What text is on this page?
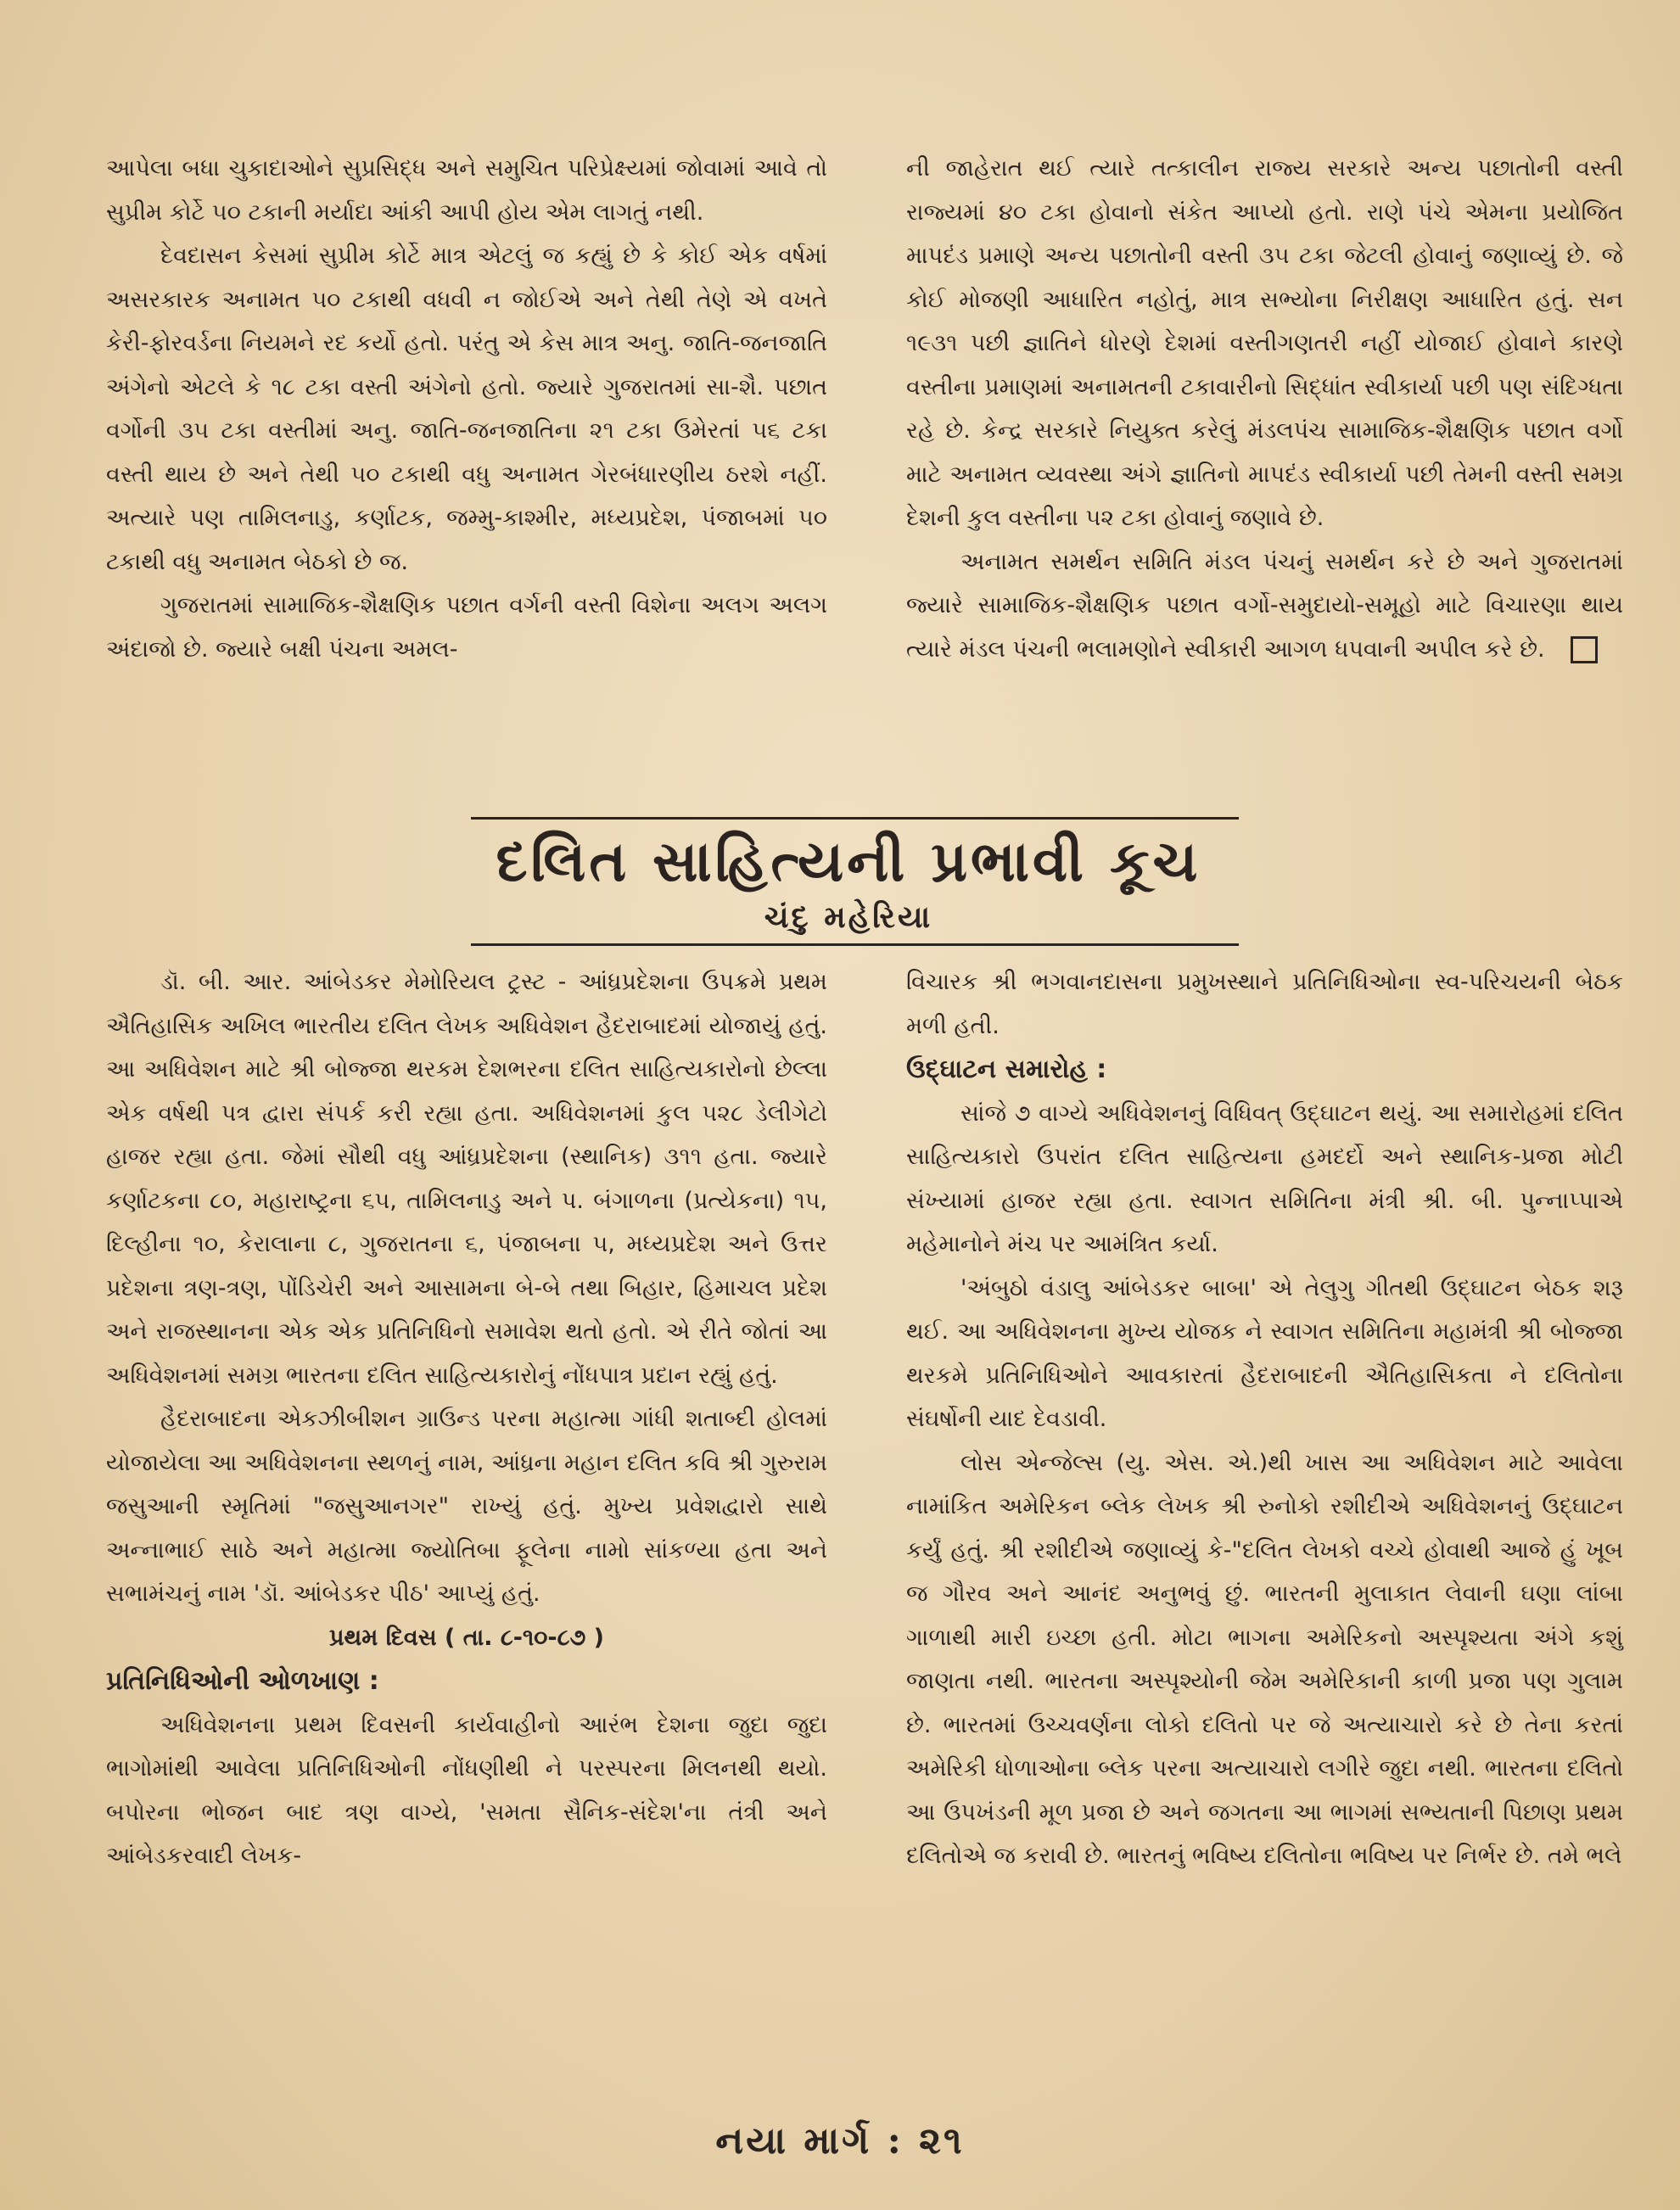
આપેલા બધા ચુકાદાઓને સુપ્રસિદ્ધ અને સમુચિત પરિપ્રેક્ષ્યમાં જોવામાં આવે તો સુપ્રીમ કોર્ટે ૫૦ ટકાની મર્યાદા આંકી આપી હોય એમ લાગતું નથી.

દેવદાસન કેસમાં સુપ્રીમ કોર્ટે માત્ર એટલું જ કહ્યું છે કે કોઈ એક વર્ષમાં અસરકારક અનામત ૫૦ ટકાથી વધવી ન જોઈએ અને તેથી તેણે એ વખતે કેરી-ફોરવર્ડના નિયમને રદ કર્યો હતો. પરંતુ એ કેસ માત્ર અનુ. જાતિ-જનજાતિ અંગેનો એટલે કે ૧૮ ટકા વસ્તી અંગેનો હતો. જ્યારે ગુજરાતમાં સા-શૈ. પછાત વર્ગોની ૩૫ ટકા વસ્તીમાં અનુ. જાતિ-જનજાતિના ૨૧ ટકા ઉમેરતાં ૫૬ ટકા વસ્તી થાય છે અને તેથી ૫૦ ટકાથી વધુ અનામત ગેરબંધારણીય ઠરશે નહીં. અત્યારે પણ તામિલનાડુ, કર્ણાટક, જમ્મુ-કાશ્મીર, મધ્યપ્રદેશ, પંજાબમાં ૫૦ ટકાથી વધુ અનામત બેઠકો છે જ.

ગુજરાતમાં સામાજિક-શૈક્ષણિક પછાત વર્ગની વસ્તી વિશેના અલગ અલગ અંદાજો છે. જ્યારે બક્ષી પંચના અમલ-

ની જાહેરાત થઈ ત્યારે તત્કાલીન રાજ્ય સરકારે અન્ય પછાતોની વસ્તી રાજ્યમાં ૪૦ ટકા હોવાનો સંકેત આપ્યો હતો. રાણે પંચે એમના પ્રયોજિત માપદંડ પ્રમાણે અન્ય પછાતોની વસ્તી ૩૫ ટકા જેટલી હોવાનું જણાવ્યું છે. જે કોઈ મોજણી આધારિત નહોતું, માત્ર સભ્યોના નિરીક્ષણ આધારિત હતું. સન ૧૯૩૧ પછી જ્ઞાતિને ધોરણે દેશમાં વસ્તીગણતરી નહીં યોજાઈ હોવાને કારણે વસ્તીના પ્રમાણમાં અનામતની ટકાવારીનો સિદ્ધાંત સ્વીકાર્યા પછી પણ સંદિગ્ધતા રહે છે. કેન્દ્ર સરકારે નિયુક્ત કરેલું મંડલપંચ સામાજિક-શૈક્ષણિક પછાત વર્ગો માટે અનામત વ્યવસ્થા અંગે જ્ઞાતિનો માપદંડ સ્વીકાર્યા પછી તેમની વસ્તી સમગ્ર દેશની કુલ વસ્તીના ૫૨ ટકા હોવાનું જણાવે છે.

અનામત સમર્થન સમિતિ મંડલ પંચનું સમર્થન કરે છે અને ગુજરાતમાં જ્યારે સામાજિક-શૈક્ષણિક પછાત વર્ગો-સમુદાયો-સમૂહો માટે વિચારણા થાય ત્યારે મંડલ પંચની ભલામણોને સ્વીકારી આગળ ધપવાની અપીલ કરે છે.

દલિત સાહિત્યની પ્રભાવી કૂચ
ચંદુ મહેરિયા

ડૉ. બી. આર. આંબેડકર મેમોરિયલ ટ્રસ્ટ - આંધ્રપ્રદેશના ઉપક્રમે પ્રથમ ઐતિહાસિક અખિલ ભારતીય દલિત લેખક અધિવેશન હૈદરાબાદમાં યોજાયું હતું. આ અધિવેશન માટે શ્રી બોજ્જા થરકમ દેશભરના દલિત સાહિત્યકારોનો છેલ્લા એક વર્ષથી પત્ર દ્વારા સંપર્ક કરી રહ્યા હતા. અધિવેશનમાં કુલ ૫૨૮ ડેલીગેટો હાજર રહ્યા હતા. જેમાં સૌથી વધુ આંધ્રપ્રદેશના (સ્થાનિક) ૩૧૧ હતા. જ્યારે કર્ણાટકના ૮૦, મહારાષ્ટ્રના ૬૫, તામિલનાડુ અને પ. બંગાળના (પ્રત્યેકના) ૧૫, દિલ્હીના ૧૦, કેરાલાના ૮, ગુજરાતના ૬, પંજાબના ૫, મધ્યપ્રદેશ અને ઉત્તર પ્રદેશના ત્રણ-ત્રણ, પોંડિચેરી અને આસામના બે-બે તથા બિહાર, હિમાચલ પ્રદેશ અને રાજસ્થાનના એક એક પ્રતિનિધિનો સમાવેશ થતો હતો. એ રીતે જોતાં આ અધિવેશનમાં સમગ્ર ભારતના દલિત સાહિત્યકારોનું નોંધપાત્ર પ્રદાન રહ્યું હતું.

હૈદરાબાદના એકઝીબીશન ગ્રાઉન્ડ પરના મહાત્મા ગાંધી શતાબ્દી હોલમાં યોજાયેલા આ અધિવેશનના સ્થળનું નામ, આંધ્રના મહાન દલિત કવિ શ્રી ગુરુરામ જસુઆની સ્મૃતિમાં "જસુઆનગર" રાખ્યું હતું. મુખ્ય પ્રવેશદ્વારો સાથે અન્નાભાઈ સાઠે અને મહાત્મા જ્યોતિબા ફૂલેના નામો સાંકળ્યા હતા અને સભામંચનું નામ 'ડૉ. આંબેડકર પીઠ' આપ્યું હતું.

પ્રથમ દિવસ ( તા. ૮-૧૦-૮૭ )

પ્રતિનિધિઓની ઓળખાણ :

અધિવેશનના પ્રથમ દિવસની કાર્યવાહીનો આરંભ દેશના જુદા જુદા ભાગોમાંથી આવેલા પ્રતિનિધિઓની નોંધણીથી ને પરસ્પરના મિલનથી થયો. બપોરના ભોજન બાદ ત્રણ વાગ્યે, 'સમતા સૈનિક-સંદેશ'ના તંત્રી અને આંબેડકરવાદી લેખક-

વિચારક શ્રી ભગવાનદાસના પ્રમુખસ્થાને પ્રતિનિધિઓના સ્વ-પરિચયની બેઠક મળી હતી.

ઉદ્ઘાટન સમારોહ :

સાંજે ૭ વાગ્યે અધિવેશનનું વિધિવત્ ઉદ્ઘાટન થયું. આ સમારોહમાં દલિત સાહિત્યકારો ઉપરાંત દલિત સાહિત્યના હમદર્દો અને સ્થાનિક-પ્રજા મોટી સંખ્યામાં હાજર રહ્યા હતા. સ્વાગત સમિતિના મંત્રી શ્રી. બી. પુન્નાપ્પાએ મહેમાનોને મંચ પર આમંત્રિત કર્યા.

'અંબુઠો વંડાલુ આંબેડકર બાબા' એ તેલુગુ ગીતથી ઉદ્ઘાટન બેઠક શરૂ થઈ. આ અધિવેશનના મુખ્ય યોજક ને સ્વાગત સમિતિના મહામંત્રી શ્રી બોજ્જા થરકમે પ્રતિનિધિઓને આવકારતાં હૈદરાબાદની ઐતિહાસિકતા ને દલિતોના સંઘર્ષોની યાદ દેવડાવી.

લોસ એન્જેલ્સ (યુ. એસ. એ.)થી ખાસ આ અધિવેશન માટે આવેલા નામાંકિત અમેરિકન બ્લેક લેખક શ્રી રુનોકો રશીદીએ અધિવેશનનું ઉદ્ઘાટન કર્યું હતું. શ્રી રશીદીએ જણાવ્યું કે-"દલિત લેખકો વચ્ચે હોવાથી આજે હું ખૂબ જ ગૌરવ અને આનંદ અનુભવું છું. ભારતની મુલાકાત લેવાની ઘણા લાંબા ગાળાથી મારી ઇચ્છા હતી. મોટા ભાગના અમેરિકનો અસ્પૃશ્યતા અંગે કશું જાણતા નથી. ભારતના અસ્પૃશ્યોની જેમ અમેરિકાની કાળી પ્રજા પણ ગુલામ છે. ભારતમાં ઉચ્ચવર્ણના લોકો દલિતો પર જે અત્યાચારો કરે છે તેના કરતાં અમેરિકી ધોળાઓના બ્લેક પરના અત્યાચારો લગીરે જુદા નથી. ભારતના દલિતો આ ઉપખંડની મૂળ પ્રજા છે અને જગતના આ ભાગમાં સભ્યતાની પિછાણ પ્રથમ દલિતોએ જ કરાવી છે. ભારતનું ભવિષ્ય દલિતોના ભવિષ્ય પર નિર્ભર છે. તમે ભલે

નયા માર્ગ : ૨૧
